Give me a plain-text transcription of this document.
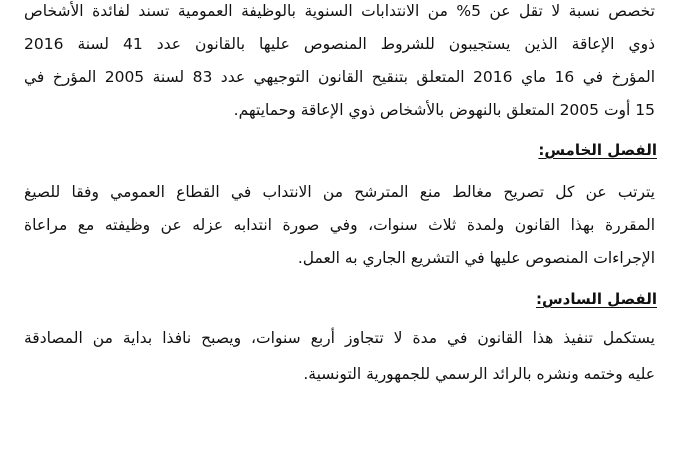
تخصص نسبة لا تقل عن 5% من الانتدابات السنوية بالوظيفة العمومية تسند لفائدة الأشخاص
ذوي الإعاقة الذين يستجيبون للشروط المنصوص عليها بالقانون عدد 41 لسنة 2016
المؤرخ في 16 ماي 2016 المتعلق بتنقيح القانون التوجيهي عدد 83 لسنة 2005 المؤرخ في
15 أوت 2005 المتعلق بالنهوض بالأشخاص ذوي الإعاقة وحمايتهم.
الفصل الخامس:
يترتب عن كل تصريح مغالط منع المترشح من الانتداب في القطاع العمومي وفقا للصيغ
المقررة بهذا القانون ولمدة ثلاث سنوات، وفي صورة انتدابه عزله عن وظيفته مع مراعاة
الإجراءات المنصوص عليها في التشريع الجاري به العمل.
الفصل السادس:
يستكمل تنفيذ هذا القانون في مدة لا تتجاوز أربع سنوات، ويصبح نافذا بداية من المصادقة
عليه وختمه ونشره بالرائد الرسمي للجمهورية التونسية.
